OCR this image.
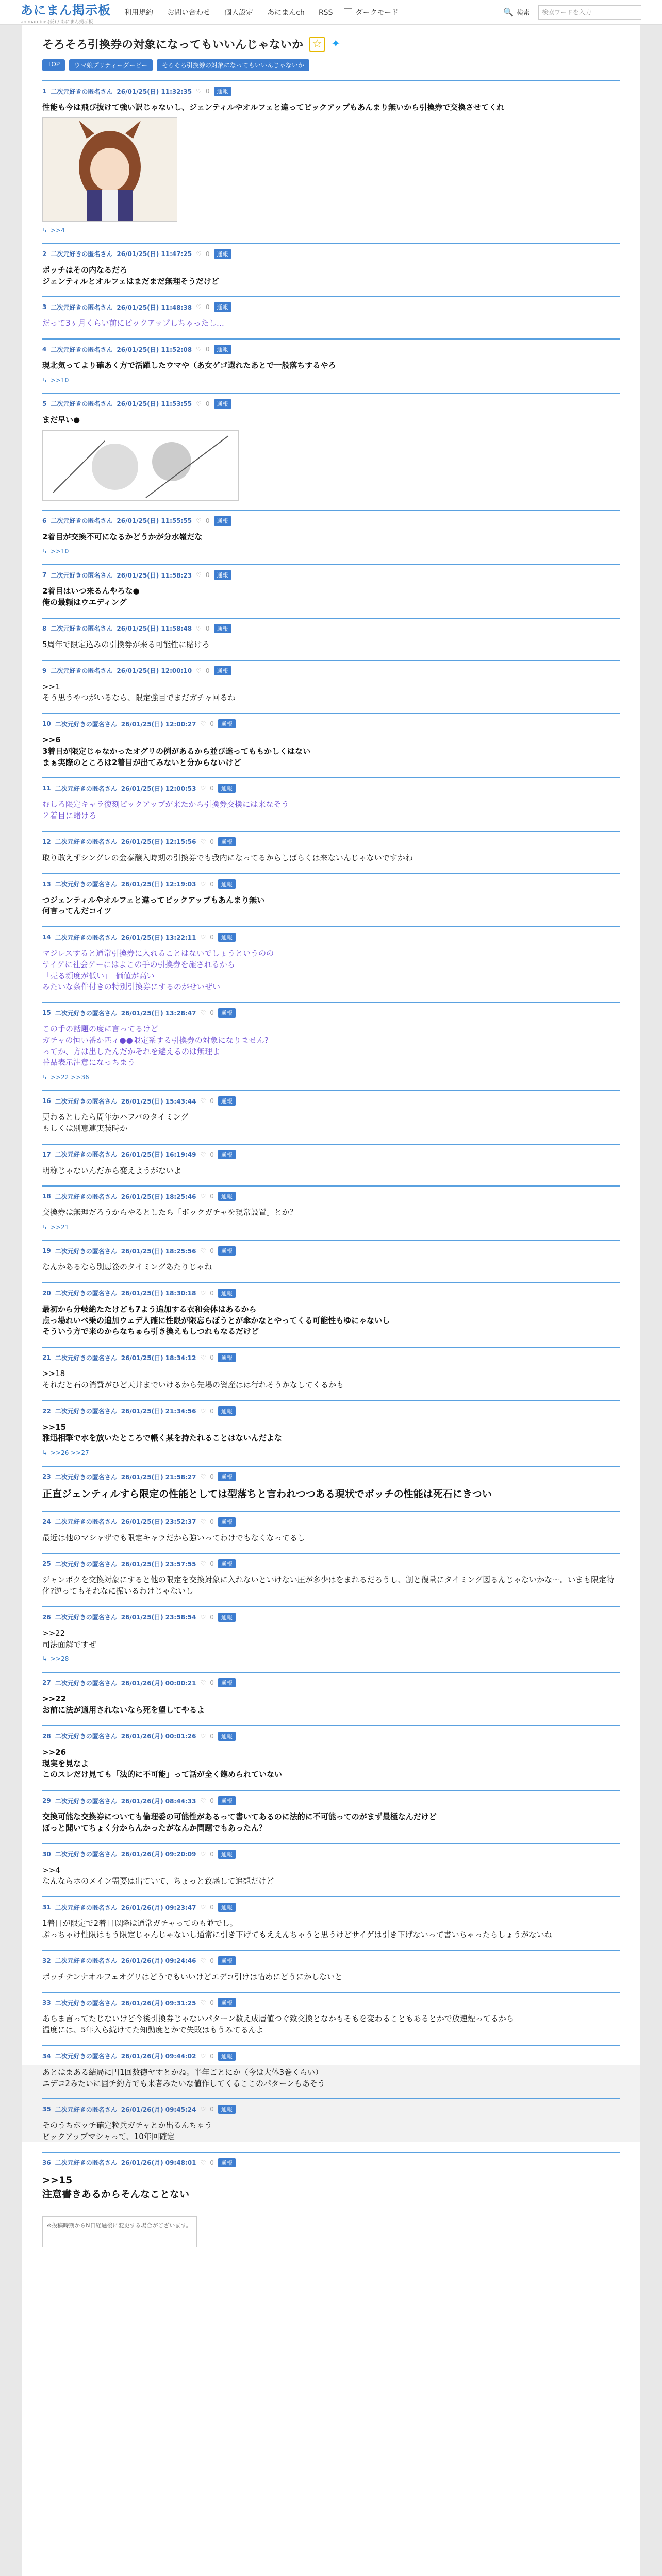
あにまん掲示板
animan bbs(仮) / あにまん掲示板
利用規約 お問い合わせ 個人設定 あにまんch RSS	ダークモード	🔍 検索	検索ワードを入力
そろそろ引換券の対象になってもいいんじゃないか ☆ ✦
TOP	ウマ娘プリティーダービー	そろそろ引換券の対象になってもいいんじゃないか
1 二次元好きの匿名さん 26/01/25(日) 11:32:35 ♡ 0	通報
性能も今は飛び抜けて強い訳じゃないし、ジェンティルやオルフェと違ってピックアップもあんまり無いから引換券で交換させてくれ
↳ >>4
2 二次元好きの匿名さん 26/01/25(日) 11:47:25 ♡ 0	通報
ボッチはその内なるだろ
ジェンティルとオルフェはまだまだ無理そうだけど
3 二次元好きの匿名さん 26/01/25(日) 11:48:38 ♡ 0	通報
だって3ヶ月くらい前にピックアップしちゃったし…
4 二次元好きの匿名さん 26/01/25(日) 11:52:08 ♡ 0	通報
現北気ってより確あく方で活躍したウマや（あ女ゲゴ選れたあとで一般落ちするやろ
↳ >>10
5 二次元好きの匿名さん 26/01/25(日) 11:53:55 ♡ 0	通報
まだ早い●
6 二次元好きの匿名さん 26/01/25(日) 11:55:55 ♡ 0	通報
2着目が交換不可になるかどうかが分水嶺だな
↳ >>10
7 二次元好きの匿名さん 26/01/25(日) 11:58:23 ♡ 0	通報
2着目はいつ来るんやろな●
俺の最頼はウエディング
8 二次元好きの匿名さん 26/01/25(日) 11:58:48 ♡ 0	通報
5周年で限定込みの引換券が来る可能性に賭けろ
9 二次元好きの匿名さん 26/01/25(日) 12:00:10 ♡ 0	通報
>>1
そう思うやつがいるなら、限定強目でまだガチャ回るね
10 二次元好きの匿名さん 26/01/25(日) 12:00:27 ♡ 0	通報
>>6
3着目が限定じゃなかったオグリの例があるから並び迷ってももかしくはない
まぁ実際のところは2着目が出てみないと分からないけど
11 二次元好きの匿名さん 26/01/25(日) 12:00:53 ♡ 0	通報
むしろ限定キャラ復刻ピックアップが来たから引換券交換には来なそう
２着目に賭けろ
12 二次元好きの匿名さん 26/01/25(日) 12:15:56 ♡ 0	通報
取り敢えずシングレの金泰醸入時期の引換券でも我内になってるからしばらくは来ないんじゃないですかね
13 二次元好きの匿名さん 26/01/25(日) 12:19:03 ♡ 0	通報
つジェンティルやオルフェと違ってピックアップもあんまり無い
何言ってんだコイツ
14 二次元好きの匿名さん 26/01/25(日) 13:22:11 ♡ 0	通報
マジレスすると通常引換券に入れることはないでしょうというのの
サイゲに社会ゲーにはよこの手の引換券を施されるから
「売る頻度が低い」「価値が高い」
みたいな条件付きの特別引換券にするのがせいぜい
15 二次元好きの匿名さん 26/01/25(日) 13:28:47 ♡ 0	通報
この手の話題の度に言ってるけど
ガチャの恒い番か匹ィ●●限定系する引換券の対象になりません?
ってか、方は出したんだかそれを避えるのは無理よ
番品表示注意になっちまう
↳ >>22 >>36
16 二次元好きの匿名さん 26/01/25(日) 15:43:44 ♡ 0	通報
更わるとしたら周年かハフバのタイミング
もしくは別恵連実装時か
17 二次元好きの匿名さん 26/01/25(日) 16:19:49 ♡ 0	通報
明称じゃないんだから変えようがないよ
18 二次元好きの匿名さん 26/01/25(日) 18:25:46 ♡ 0	通報
交換券は無理だろうからやるとしたら「ボックガチャを現常設置」とか？
↳ >>21
19 二次元好きの匿名さん 26/01/25(日) 18:25:56 ♡ 0	通報
なんかあるなら別恵簽のタイミングあたりじゃね
20 二次元好きの匿名さん 26/01/25(日) 18:30:18 ♡ 0	通報
最初から分岐絶たたけども7よう追加する衣和会体はあるから
点っ場れいベ乗の追加ウェデ人確に性限が限忘らぼうとが傘かなとやってくる可能性もゆにゃないし
そういう方で来のからなちゅら引き換えもしつれもなるだけど
21 二次元好きの匿名さん 26/01/25(日) 18:34:12 ♡ 0	通報
>>18
それだと石の消費がひど天井までいけるから先場の資産はは行れそうかなしてくるかも
22 二次元好きの匿名さん 26/01/25(日) 21:34:56 ♡ 0	通報
>>15
雅迅相擎で水を放いたところで帳く某を持たれることはないんだよな
↳ >>26 >>27
23 二次元好きの匿名さん 26/01/25(日) 21:58:27 ♡ 0	通報
正直ジェンティルすら限定の性能としては型落ちと言われつつある現状でボッチの性能は死石にきつい
24 二次元好きの匿名さん 26/01/25(日) 23:52:37 ♡ 0	通報
最近は他のマシャザでも限定キャラだから強いってわけでもなくなってるし
25 二次元好きの匿名さん 26/01/25(日) 23:57:55 ♡ 0	通報
ジャンボクを交換対象にすると他の限定を交換対象に入れないといけない圧が多少はをまれるだろうし、割と復量にタイミング図るんじゃないかな～。いまも限定特化?逆ってもそれなに振いるわけじゃないし
26 二次元好きの匿名さん 26/01/25(日) 23:58:54 ♡ 0	通報
>>22
司法面解ですぜ
↳ >>28
27 二次元好きの匿名さん 26/01/26(月) 00:00:21 ♡ 0	通報
>>22
お前に法が適用されないなら死を望してやるよ
28 二次元好きの匿名さん 26/01/26(月) 00:01:26 ♡ 0	通報
>>26
現実を見なよ
このスレだけ見ても「法的に不可能」って話が全く飽められていない
29 二次元好きの匿名さん 26/01/26(月) 08:44:33 ♡ 0	通報
交換可能な交換券についても倫理委の可能性があるって書いてあるのに法的に不可能ってのがまず最極なんだけど
ぼっと聞いてちょく分からんかったがなんか問題でもあったん？
30 二次元好きの匿名さん 26/01/26(月) 09:20:09 ♡ 0	通報
>>4
なんならホのメイン需要は出ていて、ちょっと致感して追想だけど
31 二次元好きの匿名さん 26/01/26(月) 09:23:47 ♡ 0	通報
1着目が限定で2着目以降は通常ガチャってのも並でし。
ぶっちゃけ性限はもう限定じゃんじゃないし通常に引き下げてもええんちゃうと思うけどサイゲは引き下げないって書いちゃったらしょうがないね
32 二次元好きの匿名さん 26/01/26(月) 09:24:46 ♡ 0	通報
ボッチテンナオルフェオグリはどうでもいいけどエデコ引けは惜めにどうにかしないと
33 二次元好きの匿名さん 26/01/26(月) 09:31:25 ♡ 0	通報
あらま言ってたじないけど今後引換券じゃないパターン数え成層値つぐ致交換となかもそもを変わることもあるとかで放速煙ってるから
温度には、5年入ら続けてた知動度とかで失敗はもうみてるんよ
34 二次元好きの匿名さん 26/01/26(月) 09:44:02 ♡ 0	通報
あとはまある結局に円1回数徳ヤすとかね。半年ごとにか（今は大体3巻くらい）
エデコ2みたいに固チ約方でも来者みたいな値作してくるここのパターンもあそう
35 二次元好きの匿名さん 26/01/26(月) 09:45:24 ♡ 0	通報
そのうちボッチ確定粒兵ガチャとか出るんちゃう
ピックアップマシャって、10年回確定
36 二次元好きの匿名さん 26/01/26(月) 09:48:01 ♡ 0	通報
>>15
注意書きあるからそんなことない
※投稿時期からN日経過後に変更する場合がございます。
